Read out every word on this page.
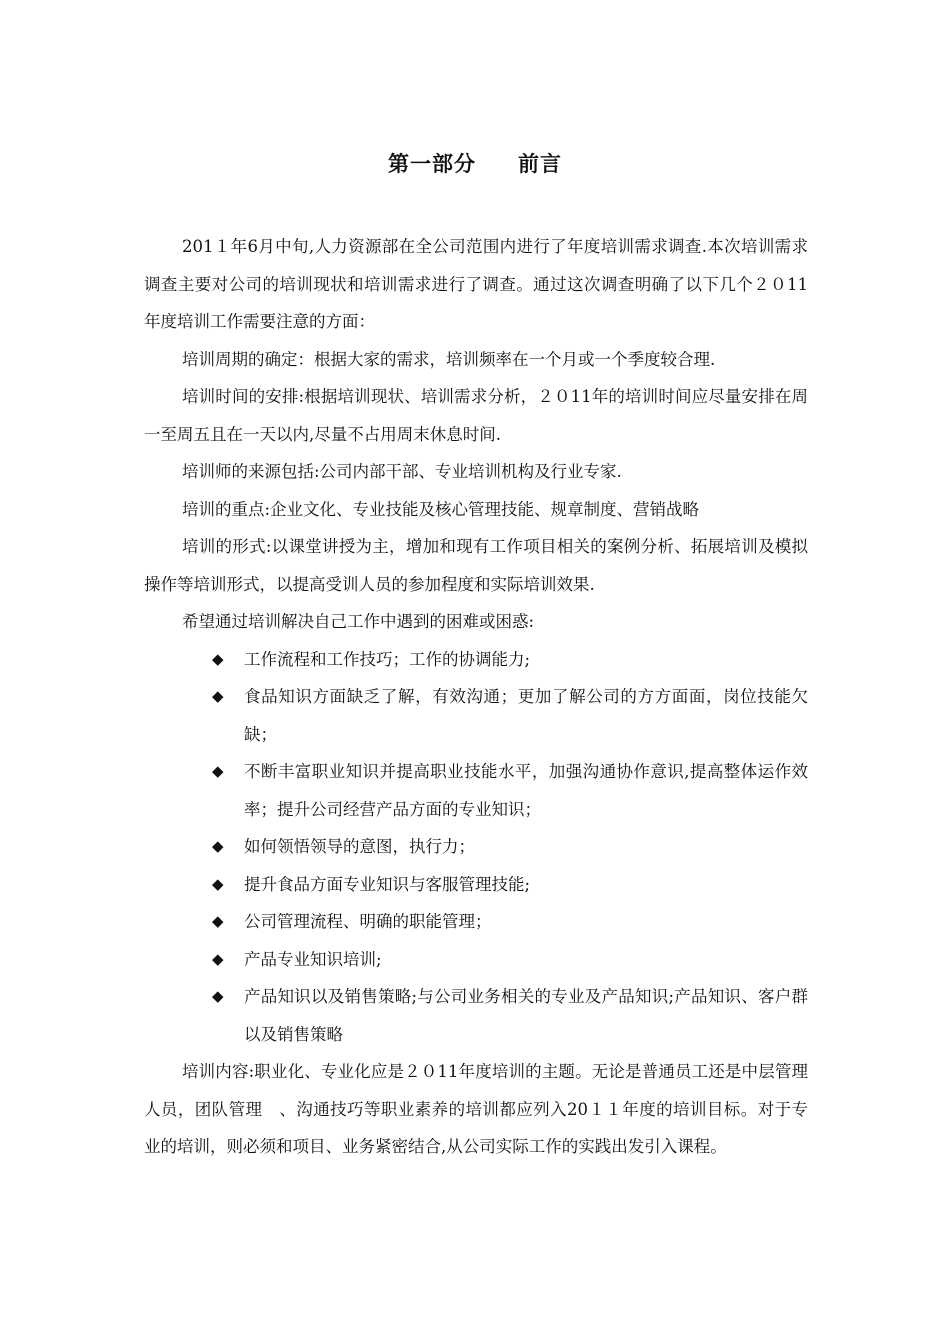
第一部分 前言

201１年6月中旬,人力资源部在全公司范围内进行了年度培训需求调查.本次培训需求调查主要对公司的培训现状和培训需求进行了调查。通过这次调查明确了以下几个２０11年度培训工作需要注意的方面：

培训周期的确定：根据大家的需求，培训频率在一个月或一个季度较合理.

培训时间的安排:根据培训现状、培训需求分析，２０11年的培训时间应尽量安排在周一至周五且在一天以内,尽量不占用周末休息时间.

培训师的来源包括:公司内部干部、专业培训机构及行业专家.

培训的重点:企业文化、专业技能及核心管理技能、规章制度、营销战略

培训的形式:以课堂讲授为主，增加和现有工作项目相关的案例分析、拓展培训及模拟操作等培训形式，以提高受训人员的参加程度和实际培训效果.

希望通过培训解决自己工作中遇到的困难或困惑:

◆ 工作流程和工作技巧；工作的协调能力;
◆ 食品知识方面缺乏了解，有效沟通；更加了解公司的方方面面，岗位技能欠缺；
◆ 不断丰富职业知识并提高职业技能水平，加强沟通协作意识,提高整体运作效率；提升公司经营产品方面的专业知识；
◆ 如何领悟领导的意图，执行力；
◆ 提升食品方面专业知识与客服管理技能;
◆ 公司管理流程、明确的职能管理；
◆ 产品专业知识培训;
◆ 产品知识以及销售策略;与公司业务相关的专业及产品知识;产品知识、客户群以及销售策略

培训内容:职业化、专业化应是２０11年度培训的主题。无论是普通员工还是中层管理人员，团队管理　、沟通技巧等职业素养的培训都应列入20１１年度的培训目标。对于专业的培训，则必须和项目、业务紧密结合,从公司实际工作的实践出发引入课程。
